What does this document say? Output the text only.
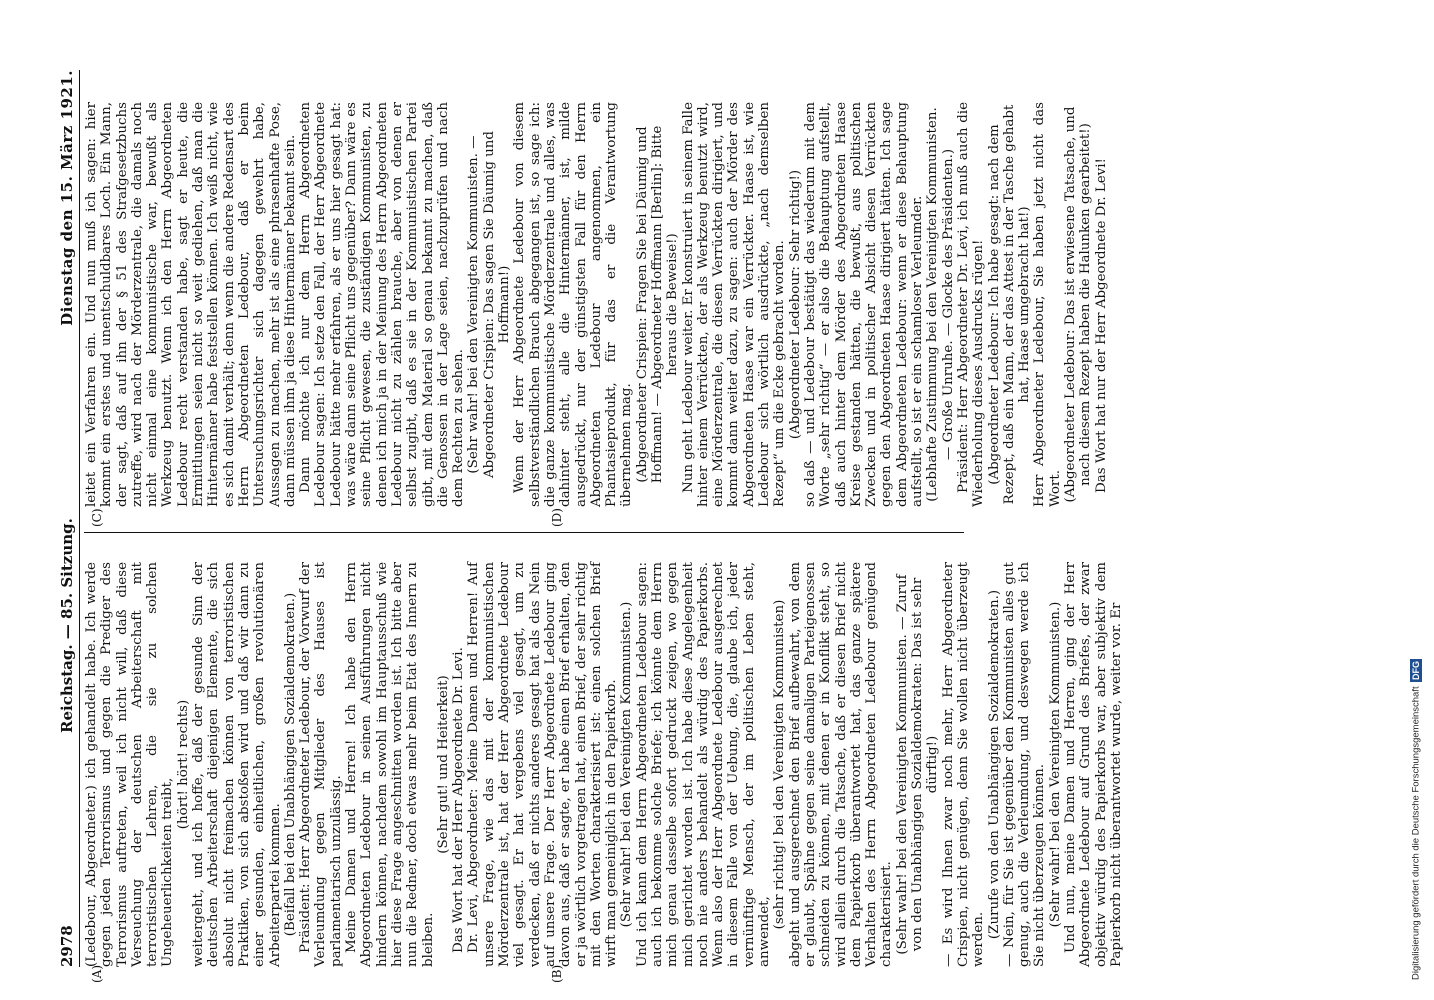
2978
Reichstag. — 85. Sitzung.
Dienstag den 15. März 1921.
(A)	(B)
(C)	(D)

(Ledebour, Abgeordneter.) ich gehandelt habe. Ich werde gegen jeden Terrorismus und gegen die Prediger des Terrorismus auftreten, weil ich nicht will, daß diese Verseuchung der deutschen Arbeiterschaft mit terroristischen Lehren, die sie zu solchen Ungeheuerlichkeiten treibt,

(hört! hört! rechts) weitergeht, und ich hoffe, daß der gesunde Sinn der deutschen Arbeiterschaft diejenigen Elemente, die sich absolut nicht freimachen können von terroristischen Praktiken, von sich abstoßen wird und daß wir dann zu einer gesunden, einheitlichen, großen revolutionären Arbeiterpartei kommen. (Beifall bei den Unabhängigen Sozialdemokraten.) Präsident: Herr Abgeordneter Ledebour, der Vorwurf der Verleumdung gegen Mitglieder des Hauses ist parlamentarisch unzulässig. Meine Damen und Herren! Ich habe den Herrn Abgeordneten Ledebour in seinen Ausführungen nicht hindern können, nachdem sowohl im Hauptausschuß wie hier diese Frage angeschnitten worden ist. Ich bitte aber nun die Redner, doch etwas mehr beim Etat des Innern zu bleiben.

(Sehr gut! und Heiterkeit) Das Wort hat der Herr Abgeordnete Dr. Levi. Dr. Levi, Abgeordneter: Meine Damen und Herren! Auf unsere Frage, wie das mit der kommunistischen Mörderzentrale ist, hat der Herr Abgeordnete Ledebour viel gesagt. Er hat vergebens viel gesagt, um zu verdecken, daß er nichts anderes gesagt hat als das Nein auf unsere Frage. Der Herr Abgeordnete Ledebour ging davon aus, daß er sagte, er habe einen Brief erhalten, den er ja wörtlich vorgetragen hat, einen Brief, der sehr richtig mit den Worten charakterisiert ist: einen solchen Brief wirft man gemeiniglich in den Papierkorb. (Sehr wahr! bei den Vereinigten Kommunisten.) Und ich kann dem Herrn Abgeordneten Ledebour sagen: auch ich bekomme solche Briefe; ich könnte dem Herrn mich genau dasselbe sofort gedruckt zeigen, wo gegen mich gerichtet worden ist. Ich habe diese Angelegenheit noch nie anders behandelt als würdig des Papierkorbs. Wenn also der Herr Abgeordnete Ledebour ausgerechnet in diesem Falle von der Uebung, die, glaube ich, jeder vernünftige Mensch, der im politischen Leben steht, anwendet,

(sehr richtig! bei den Vereinigten Kommunisten) abgeht und ausgerechnet den Brief aufbewahrt, von dem er glaubt, Spähne gegen seine damaligen Parteigenossen schneiden zu können, mit denen er in Konflikt steht, so wird allein durch die Tatsache, daß er diesen Brief nicht dem Papierkorb überantwortet hat, das ganze spätere Verhalten des Herrn Abgeordneten Ledebour genügend charakterisiert. (Sehr wahr! bei den Vereinigten Kommunisten. — Zuruf von den Unabhängigen Sozialdemokraten: Das ist sehr dürftig!) — Es wird Ihnen zwar noch mehr, Herr Abgeordneter Crispien, nicht genügen, denn Sie wollen nicht überzeugt werden.

(Zurufe von den Unabhängigen Sozialdemokraten.) — Nein, für Sie ist gegenüber den Kommunisten alles gut genug, auch die Verleumdung, und deswegen werde ich Sie nicht überzeugen können. (Sehr wahr! bei den Vereinigten Kommunisten.) Und nun, meine Damen und Herren, ging der Herr Abgeordnete Ledebour auf Grund des Briefes, der zwar objektiv würdig des Papierkorbs war, aber subjektiv dem Papierkorb nicht überantwortet wurde, weiter vor. Er

leitet ein Verfahren ein. Und nun muß ich sagen: hier kommt ein erstes und unentschuldbares Loch. Ein Mann, der sagt, daß auf ihn der § 51 des Strafgesetzbuchs zutreffe, wird nach der Mörderzentrale, die damals noch nicht einmal eine kommunistische war, bewußt als Werkzeug benutzt. Wenn ich den Herrn Abgeordneten Ledebour recht verstanden habe, sagt er heute, die Ermittlungen seien nicht so weit gediehen, daß man die Hintermänner habe feststellen können. Ich weiß nicht, wie es sich damit verhält; denn wenn die andere Redensart des Herrn Abgeordneten Ledebour, daß er beim Untersuchungsrichter sich dagegen gewehrt habe, Aussagen zu machen, mehr ist als eine phrasenhafte Pose, dann müssen ihm ja diese Hintermänner bekannt sein. Dann möchte ich nur dem Herrn Abgeordneten Ledebour sagen: Ich setze den Fall, der Herr Abgeordnete Ledebour hätte mehr erfahren, als er uns hier gesagt hat: was wäre dann seine Pflicht uns gegenüber? Dann wäre es seine Pflicht gewesen, die zuständigen Kommunisten, zu denen ich mich ja in der Meinung des Herrn Abgeordneten Ledebour nicht zu zählen brauche, aber von denen er selbst zugibt, daß es sie in der Kommunistischen Partei gibt, mit dem Material so genau bekannt zu machen, daß die Genossen in der Lage seien, nachzuprüfen und nach dem Rechten zu sehen. (Sehr wahr! bei den Vereinigten Kommunisten. — Abgeordneter Crispien: Das sagen Sie Däumig und Hoffmann!) Wenn der Herr Abgeordnete Ledebour von diesem selbstverständlichen Brauch abgegangen ist, so sage ich: die ganze kommunistische Mörderzentrale und alles, was dahinter steht, alle die Hintermänner, ist, milde ausgedrückt, nur der günstigsten Fall für den Herrn Abgeordneten Ledebour angenommen, ein Phantasieprodukt, für das er die Verantwortung übernehmen mag. (Abgeordneter Crispien: Fragen Sie bei Däumig und Hoffmann! — Abgeordneter Hoffmann [Berlin]: Bitte heraus die Beweise!) Nun geht Ledebour weiter. Er konstruiert in seinem Falle hinter einem Verrückten, der als Werkzeug benutzt wird, eine Mörderzentrale, die diesen Verrückten dirigiert, und kommt dann weiter dazu, zu sagen: auch der Mörder des Abgeordneten Haase war ein Verrückter. Haase ist, wie Ledebour sich wörtlich ausdrückte, „nach demselben Rezept“ um die Ecke gebracht worden. (Abgeordneter Ledebour: Sehr richtig!) so daß — und Ledebour bestätigt das wiederum mit dem Worte „sehr richtig“ — er also die Behauptung aufstellt, daß auch hinter dem Mörder des Abgeordneten Haase Kreise gestanden hätten, die bewußt, aus politischen Zwecken und in politischer Absicht diesen Verrückten gegen den Abgeordneten Haase dirigiert hätten. Ich sage dem Abgeordneten Ledebour: wenn er diese Behauptung aufstellt, so ist er ein schamloser Verleumder. (Lebhafte Zustimmung bei den Vereinigten Kommunisten. — Große Unruhe. — Glocke des Präsidenten.) Präsident: Herr Abgeordneter Dr. Levi, ich muß auch die Wiederholung dieses Ausdrucks rügen! (Abgeordneter Ledebour: Ich habe gesagt: nach dem Rezept, daß ein Mann, der das Attest in der Tasche gehabt hat, Haase umgebracht hat!) Herr Abgeordneter Ledebour, Sie haben jetzt nicht das Wort. (Abgeordneter Ledebour: Das ist erwiesene Tatsache, und nach diesem Rezept haben die Halunken gearbeitet!) Das Wort hat nur der Herr Abgeordnete Dr. Levi!

Digitalisierung gefördert durch die Deutsche Forschungsgemeinschaft
DFG
